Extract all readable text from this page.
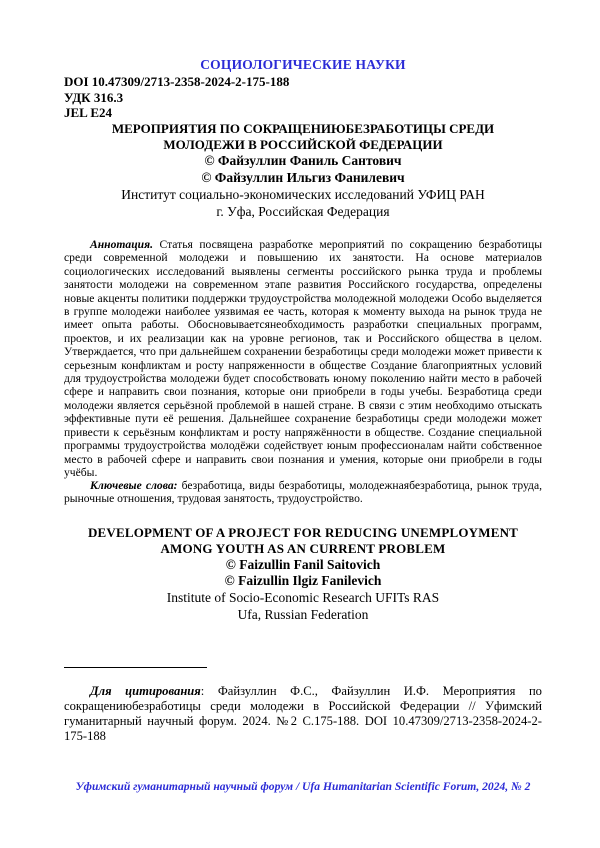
СОЦИОЛОГИЧЕСКИЕ НАУКИ
DOI 10.47309/2713-2358-2024-2-175-188
УДК 316.3
JEL E24
МЕРОПРИЯТИЯ ПО СОКРАЩЕНИЮБЕЗРАБОТИЦЫ СРЕДИ
МОЛОДЕЖИ В РОССИЙСКОЙ ФЕДЕРАЦИИ
© Файзуллин Фаниль Сантович
© Файзуллин Ильгиз Фанилевич
Институт социально-экономических исследований УФИЦ РАН
г. Уфа, Российская Федерация

Аннотация. Статья посвящена разработке мероприятий по сокращению безработицы среди современной молодежи и повышению их занятости. На основе материалов социологических исследований выявлены сегменты российского рынка труда и проблемы занятости молодежи на современном этапе развития Российского государства, определены новые акценты политики поддержки трудоустройства молодежной молодежи Особо выделяется в группе молодежи наиболее уязвимая ее часть, которая к моменту выхода на рынок труда не имеет опыта работы. Обосновываетсянеобходимость разработки специальных программ, проектов, и их реализации как на уровне регионов, так и Российского общества в целом. Утверждается, что при дальнейшем сохранении безработицы среди молодежи может привести к серьезным конфликтам и росту напряженности в обществе Создание благоприятных условий для трудоустройства молодежи будет способствовать юному поколению найти место в рабочей сфере и направить свои познания, которые они приобрели в годы учебы. Безработица среди молодежи является серьёзной проблемой в нашей стране. В связи с этим необходимо отыскать эффективные пути её решения. Дальнейшее сохранение безработицы среди молодежи может привести к серьёзным конфликтам и росту напряжённости в обществе. Создание специальной программы трудоустройства молодёжи содействует юным профессионалам найти собственное место в рабочей сфере и направить свои познания и умения, которые они приобрели в годы учёбы.

Ключевые слова: безработица, виды безработицы, молодежнаябезработица, рынок труда, рыночные отношения, трудовая занятость, трудоустройство.

DEVELOPMENT OF A PROJECT FOR REDUCING UNEMPLOYMENT
AMONG YOUTH AS AN CURRENT PROBLEM
© Faizullin Fanil Saitovich
© Faizullin Ilgiz Fanilevich
Institute of Socio-Economic Research UFITs RAS
Ufa, Russian Federation

Для цитирования: Файзуллин Ф.С., Файзуллин И.Ф. Мероприятия по сокращениюбезработицы среди молодежи в Российской Федерации // Уфимский гуманитарный научный форум. 2024. №2 С.175-188. DOI 10.47309/2713-2358-2024-2-175-188

Уфимский гуманитарный научный форум / Ufa Humanitarian Scientific Forum, 2024, № 2
